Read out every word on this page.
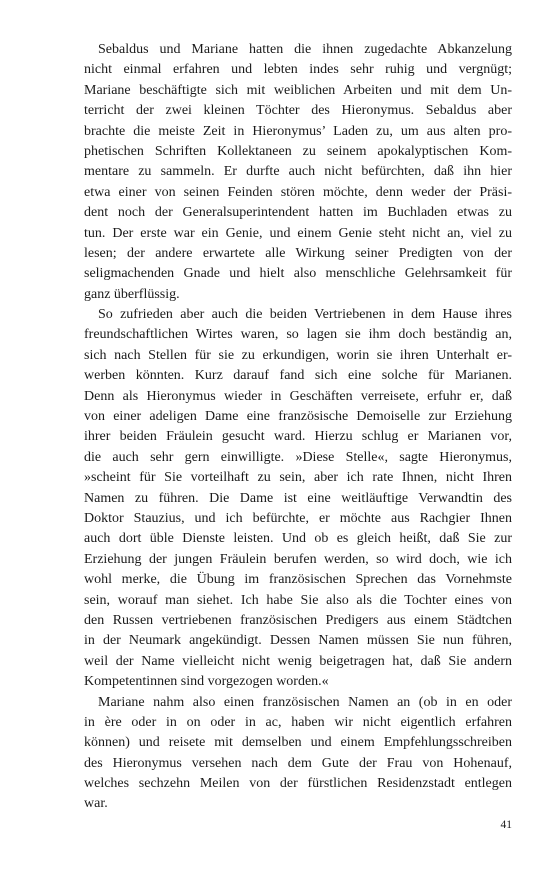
Sebaldus und Mariane hatten die ihnen zugedachte Abkanzelung
nicht einmal erfahren und lebten indes sehr ruhig und vergnügt;
Mariane beschäftigte sich mit weiblichen Arbeiten und mit dem Un-
terricht der zwei kleinen Töchter des Hieronymus. Sebaldus aber
brachte die meiste Zeit in Hieronymus’ Laden zu, um aus alten pro-
phetischen Schriften Kollektaneen zu seinem apokalyptischen Kom-
mentare zu sammeln. Er durfte auch nicht befürchten, daß ihn hier
etwa einer von seinen Feinden stören möchte, denn weder der Präsi-
dent noch der Generalsuperintendent hatten im Buchladen etwas zu
tun. Der erste war ein Genie, und einem Genie steht nicht an, viel zu
lesen; der andere erwartete alle Wirkung seiner Predigten von der
seligmachenden Gnade und hielt also menschliche Gelehrsamkeit für
ganz überflüssig.
So zufrieden aber auch die beiden Vertriebenen in dem Hause ihres
freundschaftlichen Wirtes waren, so lagen sie ihm doch beständig an,
sich nach Stellen für sie zu erkundigen, worin sie ihren Unterhalt er-
werben könnten. Kurz darauf fand sich eine solche für Marianen.
Denn als Hieronymus wieder in Geschäften verreisete, erfuhr er, daß
von einer adeligen Dame eine französische Demoiselle zur Erziehung
ihrer beiden Fräulein gesucht ward. Hierzu schlug er Marianen vor,
die auch sehr gern einwilligte. »Diese Stelle«, sagte Hieronymus,
»scheint für Sie vorteilhaft zu sein, aber ich rate Ihnen, nicht Ihren
Namen zu führen. Die Dame ist eine weitläuftige Verwandtin des
Doktor Stauzius, und ich befürchte, er möchte aus Rachgier Ihnen
auch dort üble Dienste leisten. Und ob es gleich heißt, daß Sie zur
Erziehung der jungen Fräulein berufen werden, so wird doch, wie ich
wohl merke, die Übung im französischen Sprechen das Vornehmste
sein, worauf man siehet. Ich habe Sie also als die Tochter eines von
den Russen vertriebenen französischen Predigers aus einem Städtchen
in der Neumark angekündigt. Dessen Namen müssen Sie nun führen,
weil der Name vielleicht nicht wenig beigetragen hat, daß Sie andern
Kompetentinnen sind vorgezogen worden.«
Mariane nahm also einen französischen Namen an (ob in en oder
in ère oder in on oder in ac, haben wir nicht eigentlich erfahren
können) und reisete mit demselben und einem Empfehlungsschreiben
des Hieronymus versehen nach dem Gute der Frau von Hohenauf,
welches sechzehn Meilen von der fürstlichen Residenzstadt entlegen
war.
41
